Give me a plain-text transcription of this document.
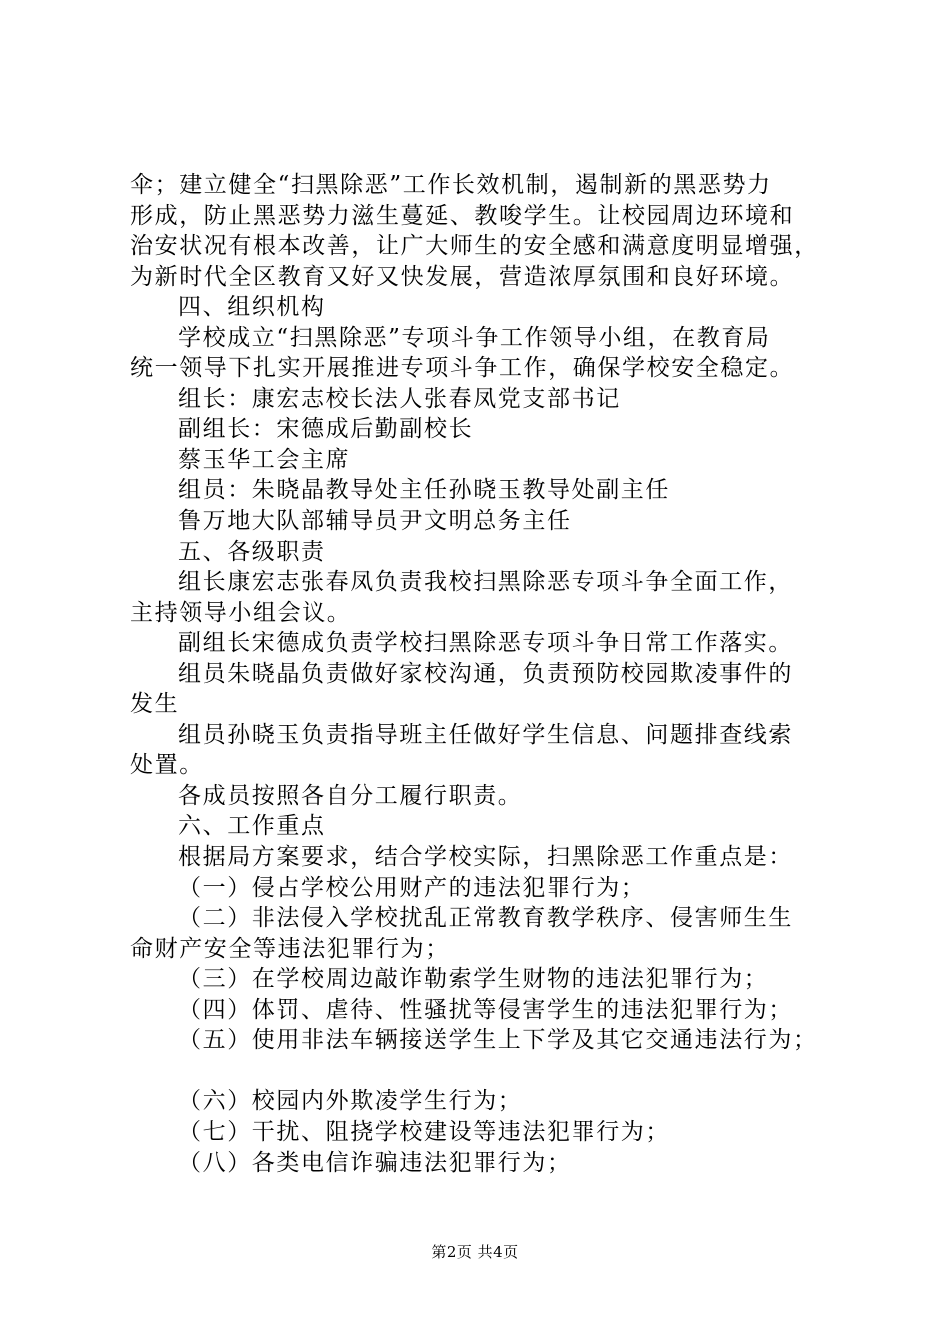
伞；建立健全“扫黑除恶”工作长效机制，遏制新的黑恶势力
形成，防止黑恶势力滋生蔓延、教唆学生。让校园周边环境和
治安状况有根本改善，让广大师生的安全感和满意度明显增强，
为新时代全区教育又好又快发展，营造浓厚氛围和良好环境。
四、组织机构
学校成立“扫黑除恶”专项斗争工作领导小组，在教育局
统一领导下扎实开展推进专项斗争工作，确保学校安全稳定。
组长：康宏志校长法人张春凤党支部书记
副组长：宋德成后勤副校长
蔡玉华工会主席
组员：朱晓晶教导处主任孙晓玉教导处副主任
鲁万地大队部辅导员尹文明总务主任
五、各级职责
组长康宏志张春凤负责我校扫黑除恶专项斗争全面工作，
主持领导小组会议。
副组长宋德成负责学校扫黑除恶专项斗争日常工作落实。
组员朱晓晶负责做好家校沟通，负责预防校园欺凌事件的
发生
组员孙晓玉负责指导班主任做好学生信息、问题排查线索
处置。
各成员按照各自分工履行职责。
六、工作重点
根据局方案要求，结合学校实际，扫黑除恶工作重点是：
（一）侵占学校公用财产的违法犯罪行为；
（二）非法侵入学校扰乱正常教育教学秩序、侵害师生生
命财产安全等违法犯罪行为；
（三）在学校周边敲诈勒索学生财物的违法犯罪行为；
（四）体罚、虐待、性骚扰等侵害学生的违法犯罪行为；
（五）使用非法车辆接送学生上下学及其它交通违法行为；
（六）校园内外欺凌学生行为；
（七）干扰、阻挠学校建设等违法犯罪行为；
（八）各类电信诈骗违法犯罪行为；
第2页 共4页
